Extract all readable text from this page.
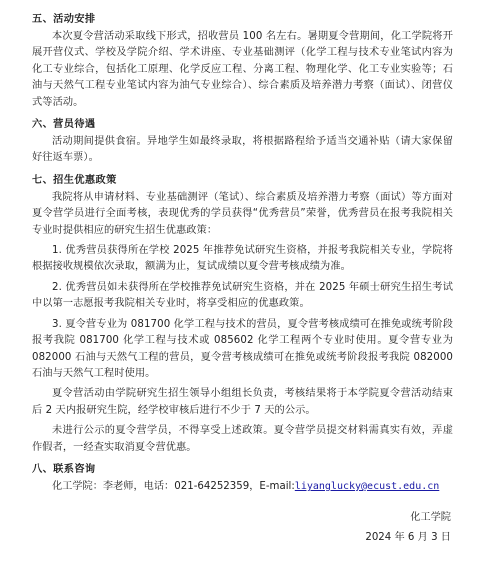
五、活动安排

本次夏令营活动采取线下形式，招收营员 100 名左右。暑期夏令营期间，化工学院将开展开营仪式、学校及学院介绍、学术讲座、专业基础测评（化学工程与技术专业笔试内容为化工专业综合，包括化工原理、化学反应工程、分离工程、物理化学、化工专业实验等；石油与天然气工程专业笔试内容为油气专业综合）、综合素质及培养潜力考察（面试）、闭营仪式等活动。

六、营员待遇

活动期间提供食宿。异地学生如最终录取，将根据路程给予适当交通补贴（请大家保留好往返车票）。

七、招生优惠政策

我院将从申请材料、专业基础测评（笔试）、综合素质及培养潜力考察（面试）等方面对夏令营学员进行全面考核，表现优秀的学员获得“优秀营员”荣誉，优秀营员在报考我院相关专业时提供相应的研究生招生优惠政策：

1. 优秀营员获得所在学校 2025 年推荐免试研究生资格，并报考我院相关专业，学院将根据接收规模依次录取，额满为止，复试成绩以夏令营考核成绩为准。

2. 优秀营员如未获得所在学校推荐免试研究生资格，并在 2025 年硕士研究生招生考试中以第一志愿报考我院相关专业时，将享受相应的优惠政策。

3. 夏令营专业为 081700 化学工程与技术的营员，夏令营考核成绩可在推免或统考阶段报考我院 081700 化学工程与技术或 085602 化学工程两个专业时使用。夏令营专业为 082000 石油与天然气工程的营员，夏令营考核成绩可在推免或统考阶段报考我院 082000 石油与天然气工程时使用。

夏令营活动由学院研究生招生领导小组组长负责，考核结果将于本学院夏令营活动结束后 2 天内报研究生院，经学校审核后进行不少于 7 天的公示。

未进行公示的夏令营学员，不得享受上述政策。夏令营学员提交材料需真实有效，弄虚作假者，一经查实取消夏令营优惠。

八、联系咨询
化工学院：李老师，电话：021-64252359，E-mail:liyanglucky@ecust.edu.cn
化工学院
2024 年 6 月 3 日
